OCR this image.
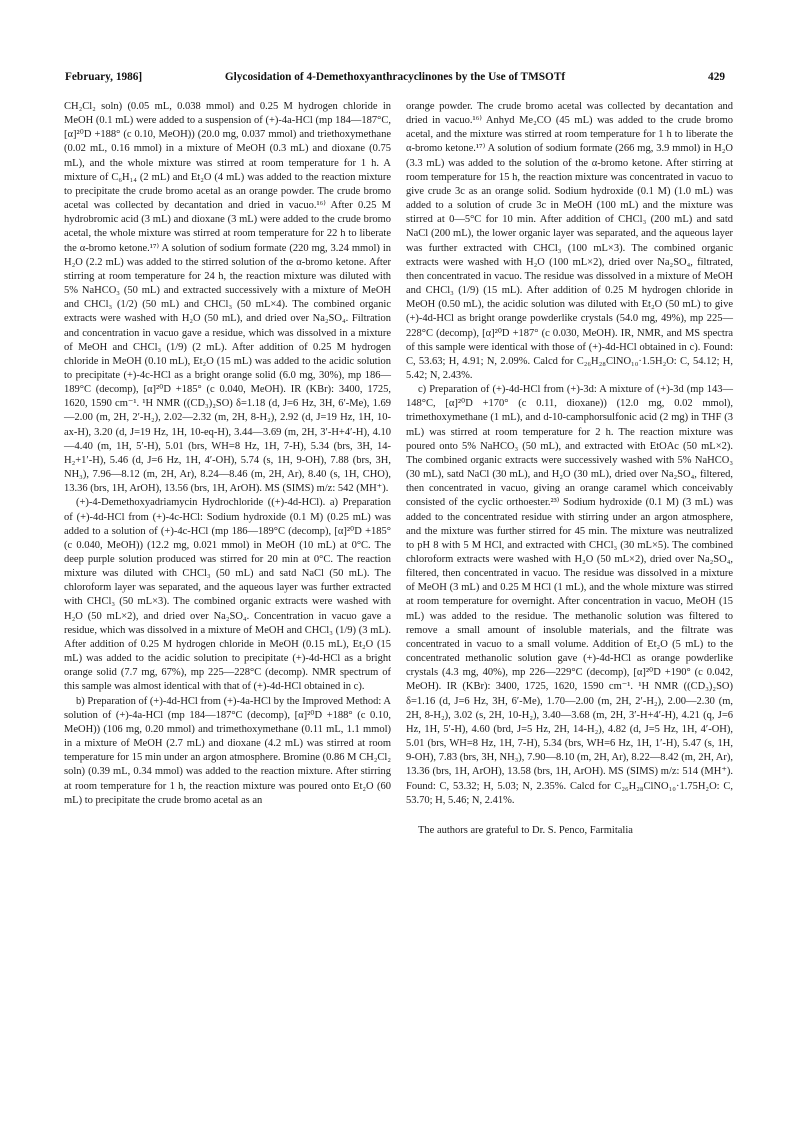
February, 1986]	Glycosidation of 4-Demethoxyanthracyclinones by the Use of TMSOTf	429

CH₂Cl₂ soln) (0.05 mL, 0.038 mmol) and 0.25 M hydrogen chloride in MeOH (0.1 mL) were added to a suspension of (+)-4a-HCl (mp 184—187°C, [α]²⁰D +188° (c 0.10, MeOH)) (20.0 mg, 0.037 mmol) and triethoxymethane (0.02 mL, 0.16 mmol) in a mixture of MeOH (0.3 mL) and dioxane (0.75 mL), and the whole mixture was stirred at room temperature for 1 h. A mixture of C₆H₁₄ (2 mL) and Et₂O (4 mL) was added to the reaction mixture to precipitate the crude bromo acetal as an orange powder. The crude bromo acetal was collected by decantation and dried in vacuo.¹⁶⁾ After 0.25 M hydrobromic acid (3 mL) and dioxane (3 mL) were added to the crude bromo acetal, the whole mixture was stirred at room temperature for 22 h to liberate the α-bromo ketone.¹⁷⁾ A solution of sodium formate (220 mg, 3.24 mmol) in H₂O (2.2 mL) was added to the stirred solution of the α-bromo ketone. After stirring at room temperature for 24 h, the reaction mixture was diluted with 5% NaHCO₃ (50 mL) and extracted successively with a mixture of MeOH and CHCl₃ (1/2) (50 mL) and CHCl₃ (50 mL×4). The combined organic extracts were washed with H₂O (50 mL), and dried over Na₂SO₄. Filtration and concentration in vacuo gave a residue, which was dissolved in a mixture of MeOH and CHCl₃ (1/9) (2 mL). After addition of 0.25 M hydrogen chloride in MeOH (0.10 mL), Et₂O (15 mL) was added to the acidic solution to precipitate (+)-4c-HCl as a bright orange solid (6.0 mg, 30%), mp 186—189°C (decomp), [α]²⁰D +185° (c 0.040, MeOH). IR (KBr): 3400, 1725, 1620, 1590 cm⁻¹. ¹H NMR ((CD₃)₂SO) δ=1.18 (d, J=6 Hz, 3H, 6′-Me), 1.69—2.00 (m, 2H, 2′-H₂), 2.02—2.32 (m, 2H, 8-H₂), 2.92 (d, J=19 Hz, 1H, 10-ax-H), 3.20 (d, J=19 Hz, 1H, 10-eq-H), 3.44—3.69 (m, 2H, 3′-H+4′-H), 4.10—4.40 (m, 1H, 5′-H), 5.01 (brs, WH=8 Hz, 1H, 7-H), 5.34 (brs, 3H, 14-H₂+1′-H), 5.46 (d, J=6 Hz, 1H, 4′-OH), 5.74 (s, 1H, 9-OH), 7.88 (brs, 3H, NH₃), 7.96—8.12 (m, 2H, Ar), 8.24—8.46 (m, 2H, Ar), 8.40 (s, 1H, CHO), 13.36 (brs, 1H, ArOH), 13.56 (brs, 1H, ArOH). MS (SIMS) m/z: 542 (MH⁺).

(+)-4-Demethoxyadriamycin Hydrochloride ((+)-4d-HCl). a) Preparation of (+)-4d-HCl from (+)-4c-HCl: Sodium hydroxide (0.1 M) (0.25 mL) was added to a solution of (+)-4c-HCl (mp 186—189°C (decomp), [α]²⁰D +185° (c 0.040, MeOH)) (12.2 mg, 0.021 mmol) in MeOH (10 mL) at 0°C. The deep purple solution produced was stirred for 20 min at 0°C. The reaction mixture was diluted with CHCl₃ (50 mL) and satd NaCl (50 mL). The chloroform layer was separated, and the aqueous layer was further extracted with CHCl₃ (50 mL×3). The combined organic extracts were washed with H₂O (50 mL×2), and dried over Na₂SO₄. Concentration in vacuo gave a residue, which was dissolved in a mixture of MeOH and CHCl₃ (1/9) (3 mL). After addition of 0.25 M hydrogen chloride in MeOH (0.15 mL), Et₂O (15 mL) was added to the acidic solution to precipitate (+)-4d-HCl as a bright orange solid (7.7 mg, 67%), mp 225—228°C (decomp). NMR spectrum of this sample was almost identical with that of (+)-4d-HCl obtained in c).

b) Preparation of (+)-4d-HCl from (+)-4a-HCl by the Improved Method: A solution of (+)-4a-HCl (mp 184—187°C (decomp), [α]²⁰D +188° (c 0.10, MeOH)) (106 mg, 0.20 mmol) and trimethoxymethane (0.11 mL, 1.1 mmol) in a mixture of MeOH (2.7 mL) and dioxane (4.2 mL) was stirred at room temperature for 15 min under an argon atmosphere. Bromine (0.86 M CH₂Cl₂ soln) (0.39 mL, 0.34 mmol) was added to the reaction mixture. After stirring at room temperature for 1 h, the reaction mixture was poured onto Et₂O (60 mL) to precipitate the crude bromo acetal as an

orange powder. The crude bromo acetal was collected by decantation and dried in vacuo.¹⁶⁾ Anhyd Me₂CO (45 mL) was added to the crude bromo acetal, and the mixture was stirred at room temperature for 1 h to liberate the α-bromo ketone.¹⁷⁾ A solution of sodium formate (266 mg, 3.9 mmol) in H₂O (3.3 mL) was added to the solution of the α-bromo ketone. After stirring at room temperature for 15 h, the reaction mixture was concentrated in vacuo to give crude 3c as an orange solid. Sodium hydroxide (0.1 M) (1.0 mL) was added to a solution of crude 3c in MeOH (100 mL) and the mixture was stirred at 0—5°C for 10 min. After addition of CHCl₃ (200 mL) and satd NaCl (200 mL), the lower organic layer was separated, and the aqueous layer was further extracted with CHCl₃ (100 mL×3). The combined organic extracts were washed with H₂O (100 mL×2), dried over Na₂SO₄, filtrated, then concentrated in vacuo. The residue was dissolved in a mixture of MeOH and CHCl₃ (1/9) (15 mL). After addition of 0.25 M hydrogen chloride in MeOH (0.50 mL), the acidic solution was diluted with Et₂O (50 mL) to give (+)-4d-HCl as bright orange powderlike crystals (54.0 mg, 49%), mp 225—228°C (decomp), [α]²⁰D +187° (c 0.030, MeOH). IR, NMR, and MS spectra of this sample were identical with those of (+)-4d-HCl obtained in c). Found: C, 53.63; H, 4.91; N, 2.09%. Calcd for C₂₆H₂₈ClNO₁₀·1.5H₂O: C, 54.12; H, 5.42; N, 2.43%.

c) Preparation of (+)-4d-HCl from (+)-3d: A mixture of (+)-3d (mp 143—148°C, [α]²⁰D +170° (c 0.11, dioxane)) (12.0 mg, 0.02 mmol), trimethoxymethane (1 mL), and d-10-camphorsulfonic acid (2 mg) in THF (3 mL) was stirred at room temperature for 2 h. The reaction mixture was poured onto 5% NaHCO₃ (50 mL), and extracted with EtOAc (50 mL×2). The combined organic extracts were successively washed with 5% NaHCO₃ (30 mL), satd NaCl (30 mL), and H₂O (30 mL), dried over Na₂SO₄, filtered, then concentrated in vacuo, giving an orange caramel which conceivably consisted of the cyclic orthoester.²³⁾ Sodium hydroxide (0.1 M) (3 mL) was added to the concentrated residue with stirring under an argon atmosphere, and the mixture was further stirred for 45 min. The mixture was neutralized to pH 8 with 5 M HCl, and extracted with CHCl₃ (30 mL×5). The combined chloroform extracts were washed with H₂O (50 mL×2), dried over Na₂SO₄, filtered, then concentrated in vacuo. The residue was dissolved in a mixture of MeOH (3 mL) and 0.25 M HCl (1 mL), and the whole mixture was stirred at room temperature for overnight. After concentration in vacuo, MeOH (15 mL) was added to the residue. The methanolic solution was filtered to remove a small amount of insoluble materials, and the filtrate was concentrated in vacuo to a small volume. Addition of Et₂O (5 mL) to the concentrated methanolic solution gave (+)-4d-HCl as orange powderlike crystals (4.3 mg, 40%), mp 226—229°C (decomp), [α]²⁰D +190° (c 0.042, MeOH). IR (KBr): 3400, 1725, 1620, 1590 cm⁻¹. ¹H NMR ((CD₃)₂SO) δ=1.16 (d, J=6 Hz, 3H, 6′-Me), 1.70—2.00 (m, 2H, 2′-H₂), 2.00—2.30 (m, 2H, 8-H₂), 3.02 (s, 2H, 10-H₂), 3.40—3.68 (m, 2H, 3′-H+4′-H), 4.21 (q, J=6 Hz, 1H, 5′-H), 4.60 (brd, J=5 Hz, 2H, 14-H₂), 4.82 (d, J=5 Hz, 1H, 4′-OH), 5.01 (brs, WH=8 Hz, 1H, 7-H), 5.34 (brs, WH=6 Hz, 1H, 1′-H), 5.47 (s, 1H, 9-OH), 7.83 (brs, 3H, NH₃), 7.90—8.10 (m, 2H, Ar), 8.22—8.42 (m, 2H, Ar), 13.36 (brs, 1H, ArOH), 13.58 (brs, 1H, ArOH). MS (SIMS) m/z: 514 (MH⁺). Found: C, 53.32; H, 5.03; N, 2.35%. Calcd for C₂₆H₂₈ClNO₁₀·1.75H₂O: C, 53.70; H, 5.46; N, 2.41%.

The authors are grateful to Dr. S. Penco, Farmitalia
